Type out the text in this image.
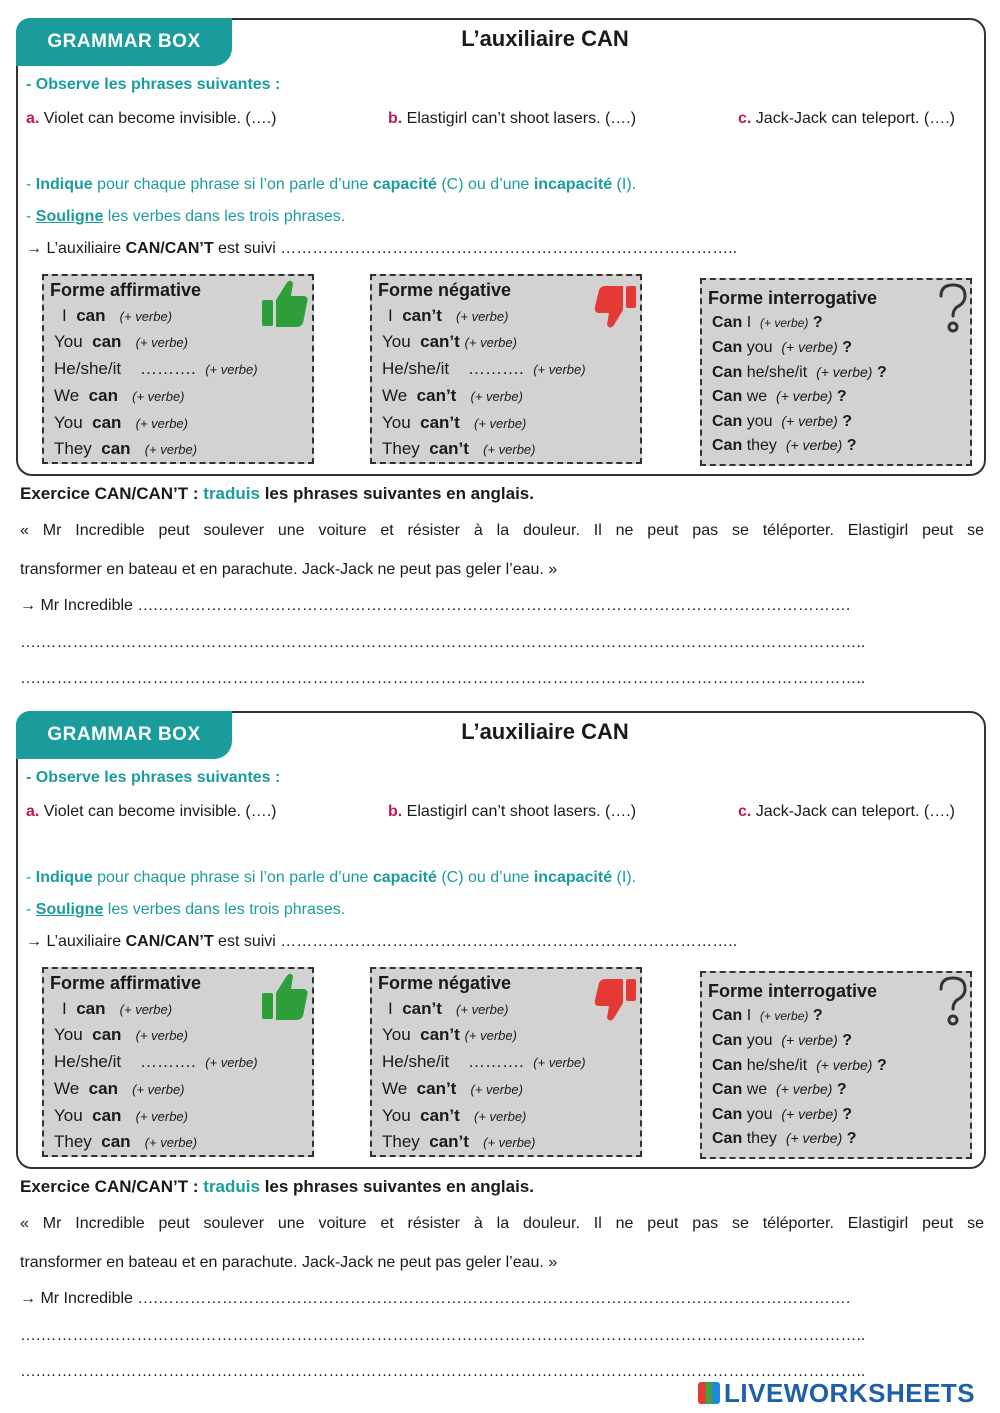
GRAMMAR BOX	L’auxiliaire CAN
- Observe les phrases suivantes :
a. Violet can become invisible. (….)	b. Elastigirl can’t shoot lasers. (….)	c. Jack-Jack can teleport. (….)
- Indique pour chaque phrase si l’on parle d’une capacité (C) ou d’une incapacité (I).
- Souligne les verbes dans les trois phrases.
→ L’auxiliaire CAN/CAN’T est suivi …………………………………………………………………………..
Forme affirmative
I can (+ verbe)
You can (+ verbe)
He/she/it ………. (+ verbe)
We can (+ verbe)
You can (+ verbe)
They can (+ verbe)
Forme négative
I can’t (+ verbe)
You can’t (+ verbe)
He/she/it ………. (+ verbe)
We can’t (+ verbe)
You can’t (+ verbe)
They can’t (+ verbe)
Forme interrogative
Can I (+ verbe) ?
Can you (+ verbe) ?
Can he/she/it (+ verbe) ?
Can we (+ verbe) ?
Can you (+ verbe) ?
Can they (+ verbe) ?
Exercice CAN/CAN’T : traduis les phrases suivantes en anglais.
« Mr Incredible peut soulever une voiture et résister à la douleur. Il ne peut pas se téléporter. Elastigirl peut se
transformer en bateau et en parachute. Jack-Jack ne peut pas geler l’eau. »
→ Mr Incredible ….………………………………………………………………………………………………………………….
….………………………………………………………………………………………………………………………………………..
….………………………………………………………………………………………………………………………………………..
GRAMMAR BOX	L’auxiliaire CAN
- Observe les phrases suivantes :
a. Violet can become invisible. (….)	b. Elastigirl can’t shoot lasers. (….)	c. Jack-Jack can teleport. (….)
- Indique pour chaque phrase si l’on parle d’une capacité (C) ou d’une incapacité (I).
- Souligne les verbes dans les trois phrases.
→ L’auxiliaire CAN/CAN’T est suivi …………………………………………………………………………..
Forme affirmative
I can (+ verbe)
You can (+ verbe)
He/she/it ………. (+ verbe)
We can (+ verbe)
You can (+ verbe)
They can (+ verbe)
Forme négative
I can’t (+ verbe)
You can’t (+ verbe)
He/she/it ………. (+ verbe)
We can’t (+ verbe)
You can’t (+ verbe)
They can’t (+ verbe)
Forme interrogative
Can I (+ verbe) ?
Can you (+ verbe) ?
Can he/she/it (+ verbe) ?
Can we (+ verbe) ?
Can you (+ verbe) ?
Can they (+ verbe) ?
Exercice CAN/CAN’T : traduis les phrases suivantes en anglais.
« Mr Incredible peut soulever une voiture et résister à la douleur. Il ne peut pas se téléporter. Elastigirl peut se
transformer en bateau et en parachute. Jack-Jack ne peut pas geler l’eau. »
→ Mr Incredible ….………………………………………………………………………………………………………………….
….………………………………………………………………………………………………………………………………………..
….………………………………………………………………………………………………………………………………………..
LIVEWORKSHEETS
